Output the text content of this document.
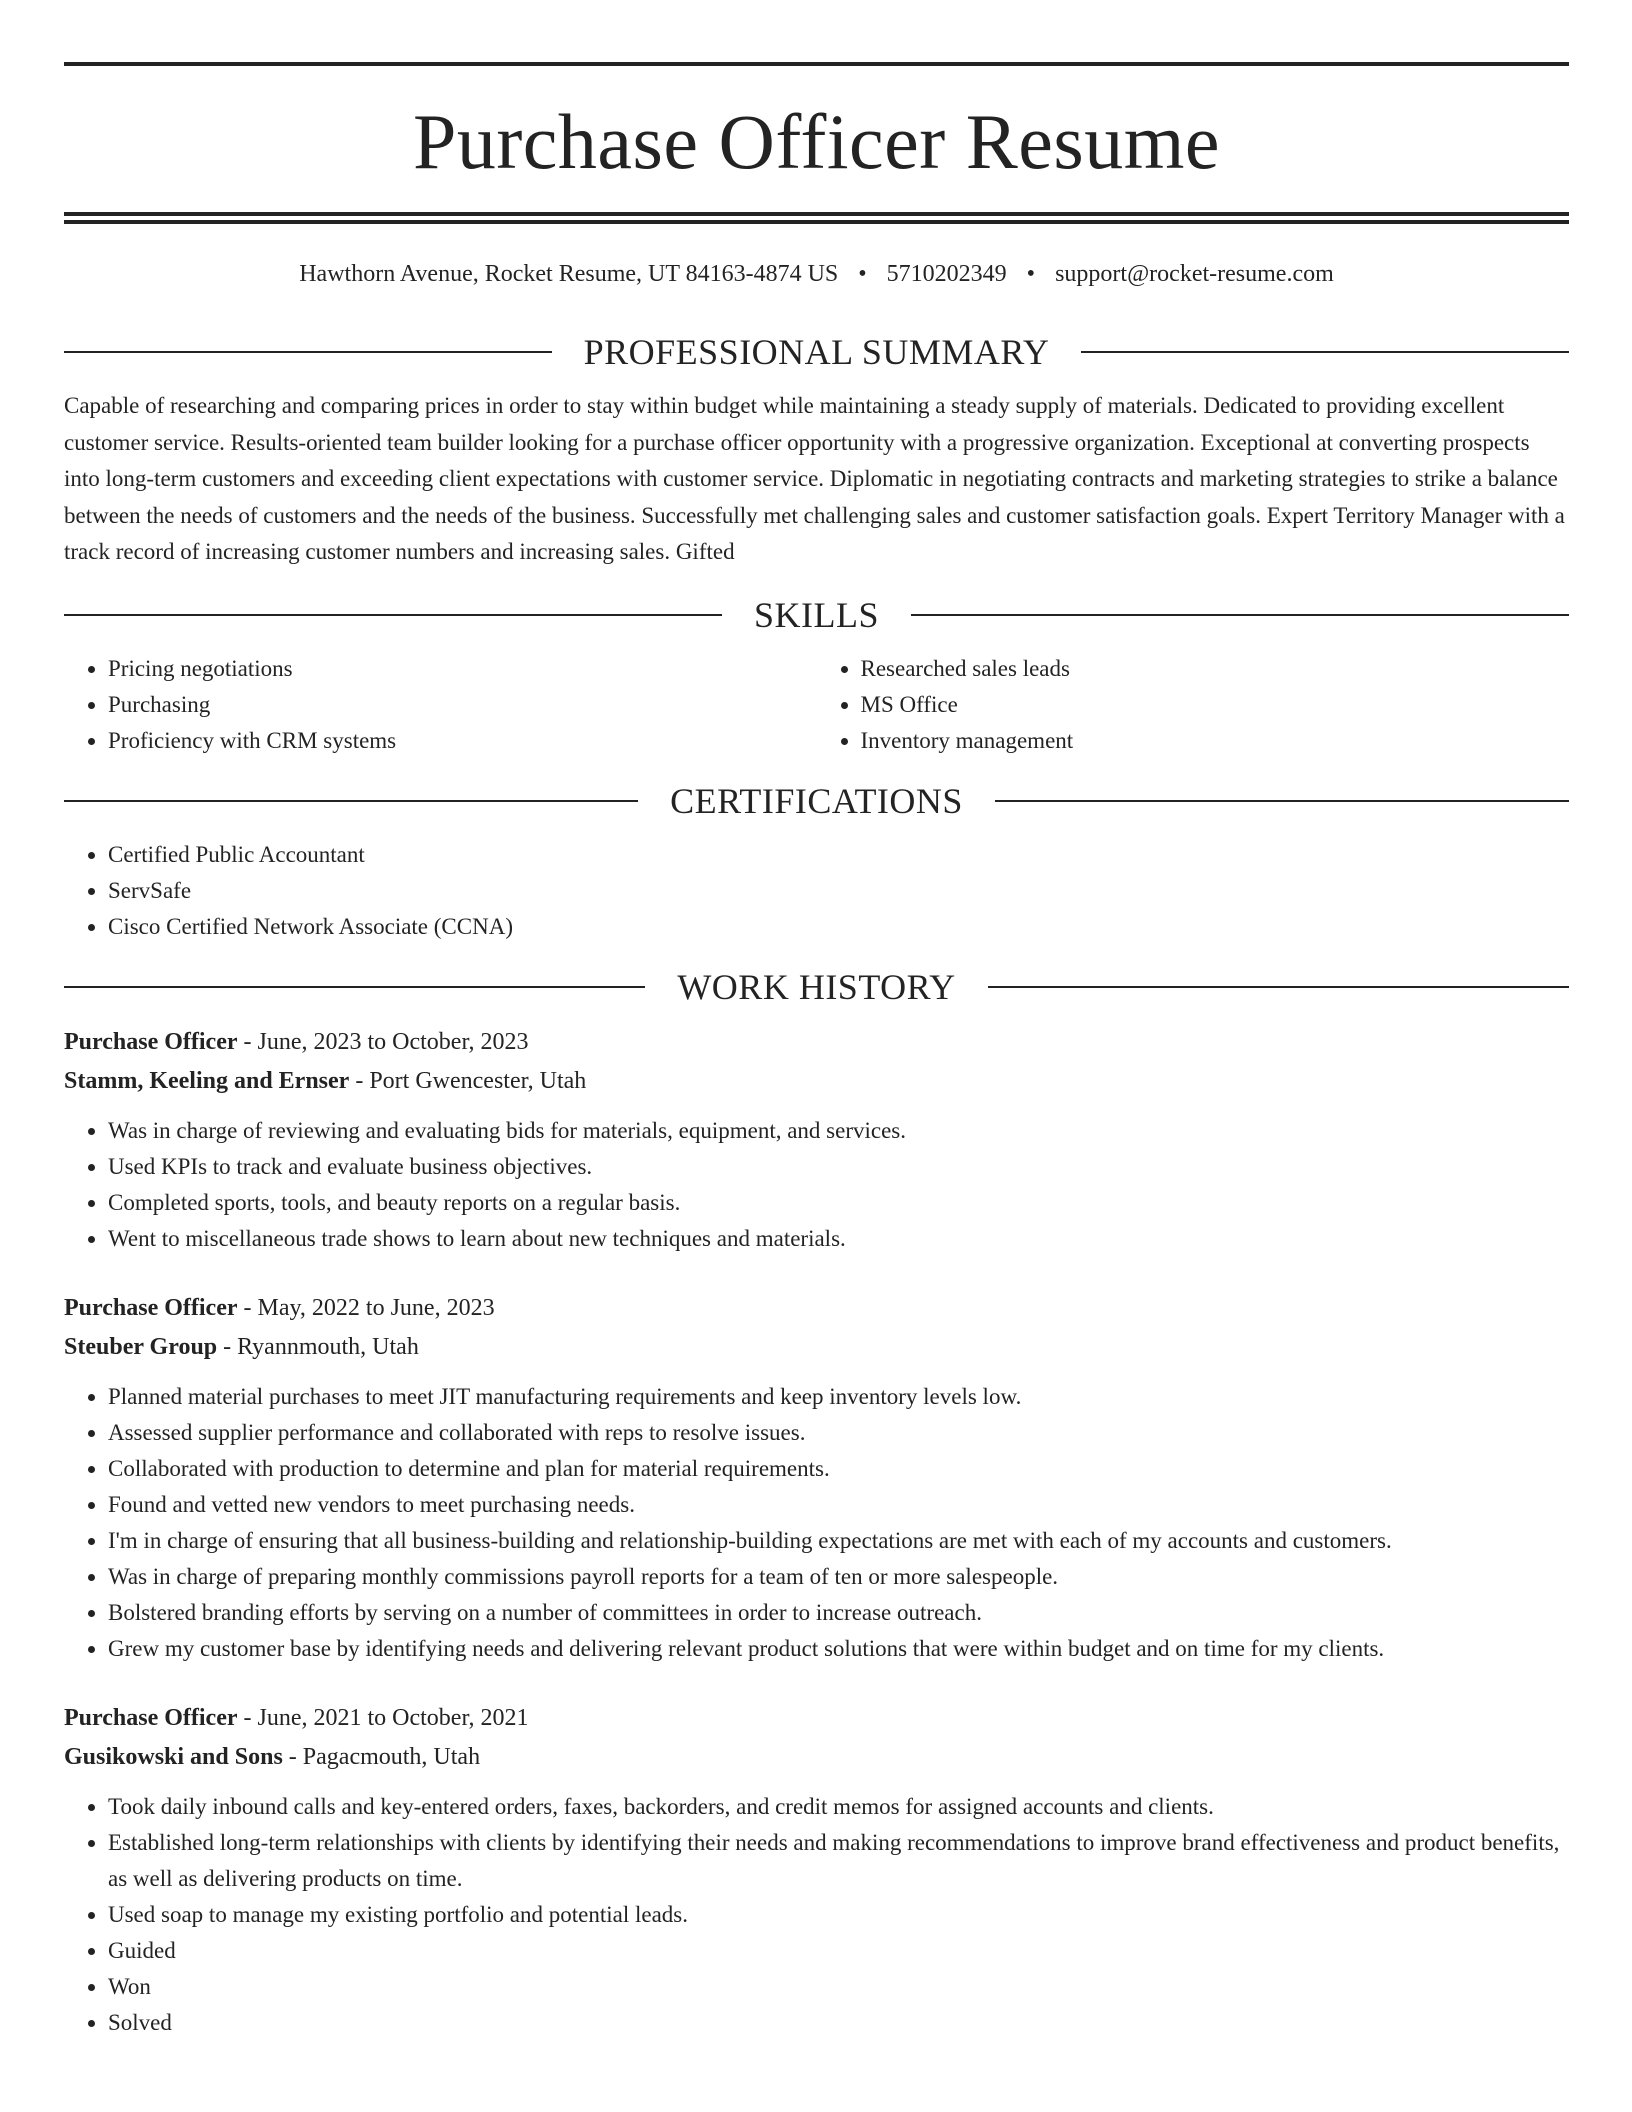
Purchase Officer Resume
Hawthorn Avenue, Rocket Resume, UT 84163-4874 US • 5710202349 • support@rocket-resume.com
PROFESSIONAL SUMMARY

Capable of researching and comparing prices in order to stay within budget while maintaining a steady supply of materials. Dedicated to providing excellent customer service. Results-oriented team builder looking for a purchase officer opportunity with a progressive organization. Exceptional at converting prospects into long-term customers and exceeding client expectations with customer service. Diplomatic in negotiating contracts and marketing strategies to strike a balance between the needs of customers and the needs of the business. Successfully met challenging sales and customer satisfaction goals. Expert Territory Manager with a track record of increasing customer numbers and increasing sales. Gifted

SKILLS
• Pricing negotiations
• Purchasing
• Proficiency with CRM systems
• Researched sales leads
• MS Office
• Inventory management
CERTIFICATIONS
• Certified Public Accountant
• ServSafe
• Cisco Certified Network Associate (CCNA)
WORK HISTORY
Purchase Officer - June, 2023 to October, 2023
Stamm, Keeling and Ernser - Port Gwencester, Utah
• Was in charge of reviewing and evaluating bids for materials, equipment, and services.
• Used KPIs to track and evaluate business objectives.
• Completed sports, tools, and beauty reports on a regular basis.
• Went to miscellaneous trade shows to learn about new techniques and materials.
Purchase Officer - May, 2022 to June, 2023
Steuber Group - Ryannmouth, Utah
• Planned material purchases to meet JIT manufacturing requirements and keep inventory levels low.
• Assessed supplier performance and collaborated with reps to resolve issues.
• Collaborated with production to determine and plan for material requirements.
• Found and vetted new vendors to meet purchasing needs.
• I'm in charge of ensuring that all business-building and relationship-building expectations are met with each of my accounts and customers.
• Was in charge of preparing monthly commissions payroll reports for a team of ten or more salespeople.
• Bolstered branding efforts by serving on a number of committees in order to increase outreach.
• Grew my customer base by identifying needs and delivering relevant product solutions that were within budget and on time for my clients.
Purchase Officer - June, 2021 to October, 2021
Gusikowski and Sons - Pagacmouth, Utah
• Took daily inbound calls and key-entered orders, faxes, backorders, and credit memos for assigned accounts and clients.
• Established long-term relationships with clients by identifying their needs and making recommendations to improve brand effectiveness and product benefits, as well as delivering products on time.
• Used soap to manage my existing portfolio and potential leads.
• Guided
• Won
• Solved
